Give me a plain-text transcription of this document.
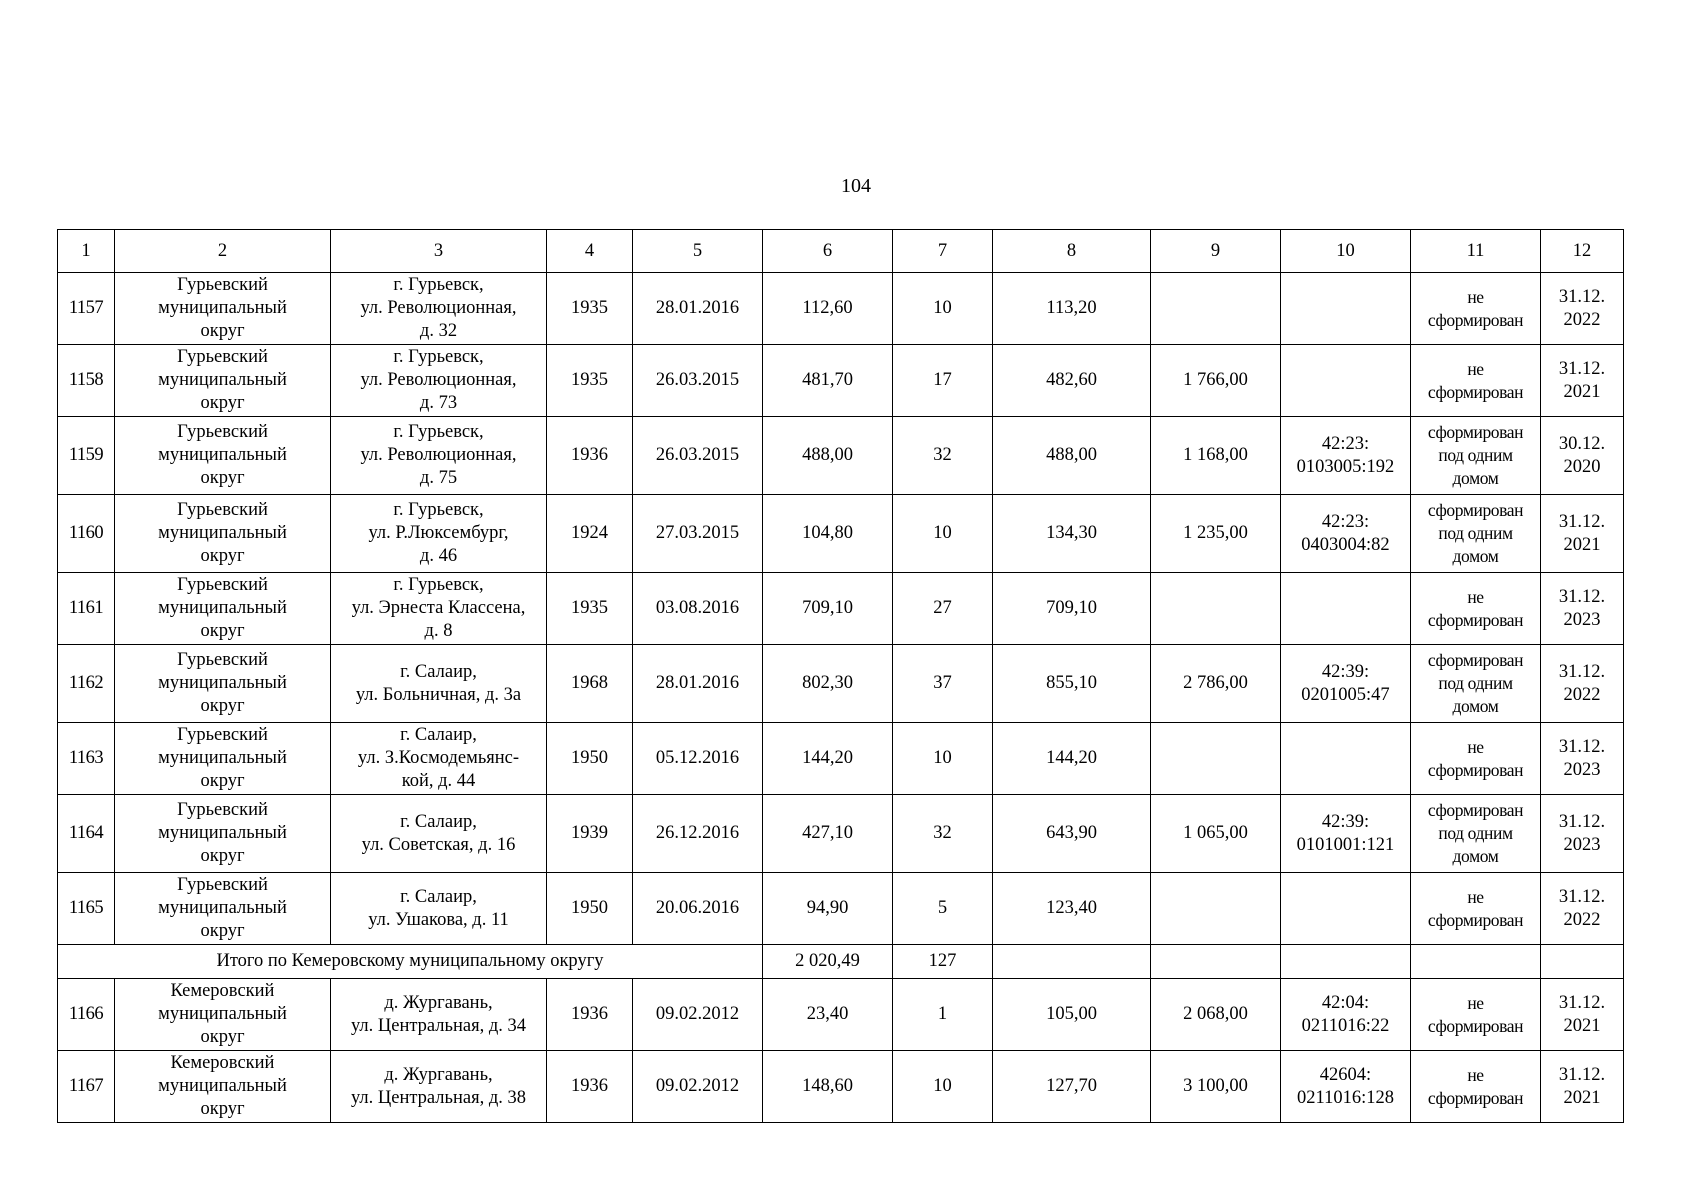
104
1	2	3	4	5	6	7	8	9	10	11	12
1157	Гурьевский
муниципальный
округ	г. Гурьевск,
ул. Революционная,
д. 32	1935	28.01.2016	112,60	10	113,20			не
сформирован	31.12.
2022

1158	Гурьевский
муниципальный
округ	г. Гурьевск,
ул. Революционная,
д. 73	1935	26.03.2015	481,70	17	482,60	1 766,00		не
сформирован	31.12.
2021

1159	Гурьевский
муниципальный
округ	г. Гурьевск,
ул. Революционная,
д. 75	1936	26.03.2015	488,00	32	488,00	1 168,00	42:23:
0103005:192	сформирован
под одним
домом	30.12.
2020

1160	Гурьевский
муниципальный
округ	г. Гурьевск,
ул. Р.Люксембург,
д. 46	1924	27.03.2015	104,80	10	134,30	1 235,00	42:23:
0403004:82	сформирован
под одним
домом	31.12.
2021

1161	Гурьевский
муниципальный
округ	г. Гурьевск,
ул. Эрнеста Классена,
д. 8	1935	03.08.2016	709,10	27	709,10			не
сформирован	31.12.
2023

1162	Гурьевский
муниципальный
округ	г. Салаир,
ул. Больничная, д. 3а	1968	28.01.2016	802,30	37	855,10	2 786,00	42:39:
0201005:47	сформирован
под одним
домом	31.12.
2022

1163	Гурьевский
муниципальный
округ	г. Салаир,
ул. З.Космодемьянс-
кой, д. 44	1950	05.12.2016	144,20	10	144,20			не
сформирован	31.12.
2023

1164	Гурьевский
муниципальный
округ	г. Салаир,
ул. Советская, д. 16	1939	26.12.2016	427,10	32	643,90	1 065,00	42:39:
0101001:121	сформирован
под одним
домом	31.12.
2023

1165	Гурьевский
муниципальный
округ	г. Салаир,
ул. Ушакова, д. 11	1950	20.06.2016	94,90	5	123,40			не
сформирован	31.12.
2022

Итого по Кемеровскому муниципальному округу					2 020,49	127					
1166	Кемеровский
муниципальный
округ	д. Жургавань,
ул. Центральная, д. 34	1936	09.02.2012	23,40	1	105,00	2 068,00	42:04:
0211016:22	не
сформирован	31.12.
2021

1167	Кемеровский
муниципальный
округ	д. Жургавань,
ул. Центральная, д. 38	1936	09.02.2012	148,60	10	127,70	3 100,00	42604:
0211016:128	не
сформирован	31.12.
2021
